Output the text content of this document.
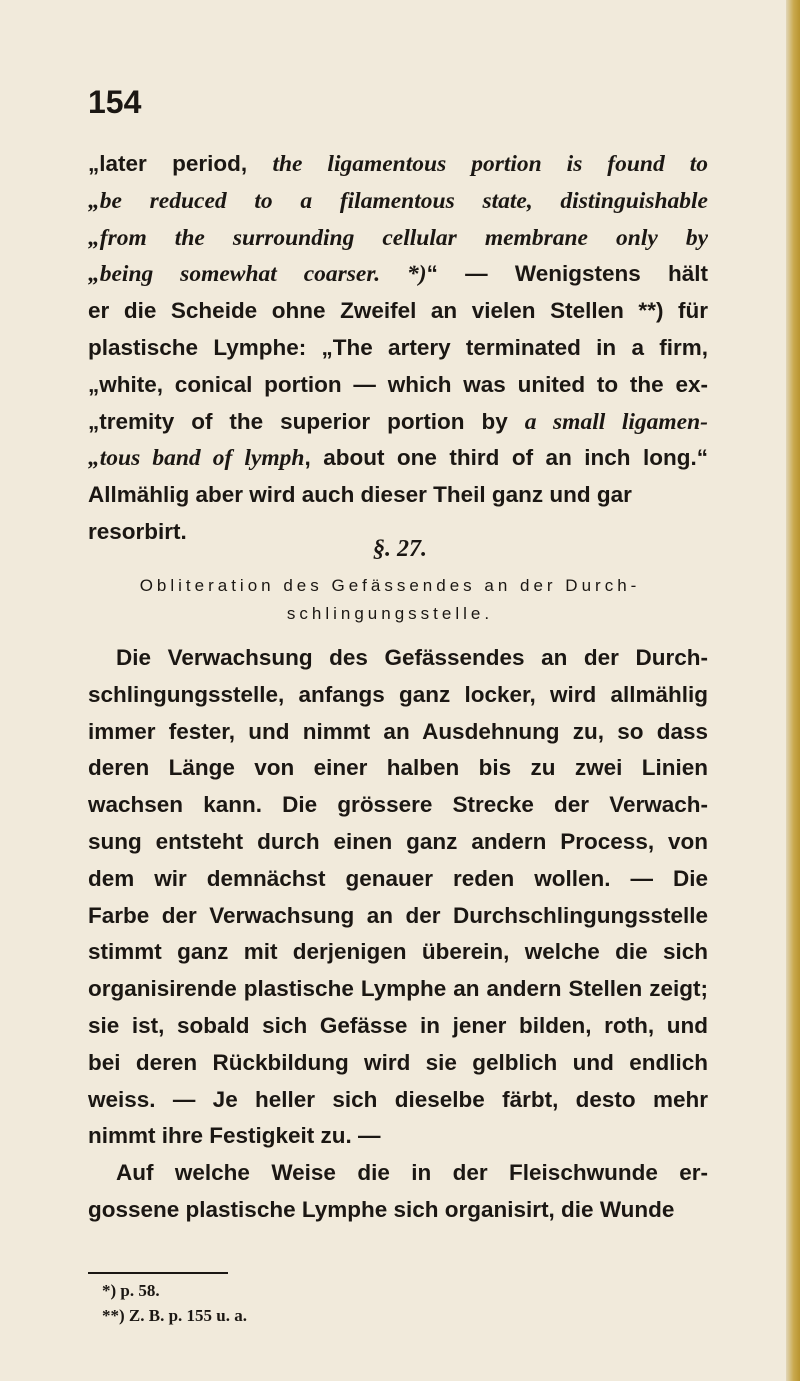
154
„later period, the ligamentous portion is found to
„be reduced to a filamentous state, distinguishable
„from the surrounding cellular membrane only by
„being somewhat coarser. *)“ — Wenigstens hält
er die Scheide ohne Zweifel an vielen Stellen **) für
plastische Lymphe: „The artery terminated in a firm,
„white, conical portion — which was united to the ex-
„tremity of the superior portion by a small ligamen-
„tous band of lymph, about one third of an inch long.“
Allmählig aber wird auch dieser Theil ganz und gar
resorbirt.
§. 27.
Obliteration des Gefässendes an der Durch-
schlingungsstelle.
Die Verwachsung des Gefässendes an der Durch-
schlingungsstelle, anfangs ganz locker, wird allmählig
immer fester, und nimmt an Ausdehnung zu, so dass
deren Länge von einer halben bis zu zwei Linien
wachsen kann. Die grössere Strecke der Verwach-
sung entsteht durch einen ganz andern Process, von
dem wir demnächst genauer reden wollen. — Die
Farbe der Verwachsung an der Durchschlingungsstelle
stimmt ganz mit derjenigen überein, welche die sich
organisirende plastische Lymphe an andern Stellen zeigt;
sie ist, sobald sich Gefässe in jener bilden, roth, und
bei deren Rückbildung wird sie gelblich und endlich
weiss. — Je heller sich dieselbe färbt, desto mehr
nimmt ihre Festigkeit zu. —
Auf welche Weise die in der Fleischwunde er-
gossene plastische Lymphe sich organisirt, die Wunde
*) p. 58.
**) Z. B. p. 155 u. a.
